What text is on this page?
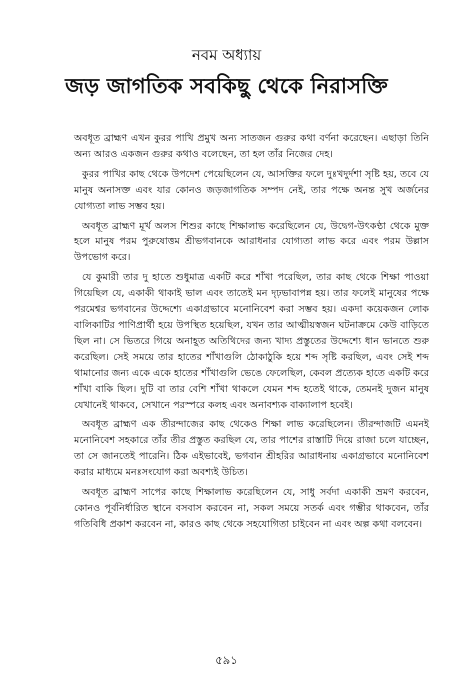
নবম অধ্যায়
জড় জাগতিক সবকিছু থেকে নিরাসক্তি

অবধূত ব্রাহ্মণ এখন কুরর পাখি প্রমুখ অন্য সাতজন গুরুর কথা বর্ণনা করেছেন। এছাড়া তিনি অন্য আরও একজন গুরুর কথাও বলেছেন, তা হল তাঁর নিজের দেহ।

কুরর পাখির কাছ থেকে উপদেশ পেয়েছিলেন যে, আসক্তির ফলে দুঃখদুর্দশা সৃষ্টি হয়, তবে যে মানুষ অনাসক্ত এবং যার কোনও জড়জাগতিক সম্পদ নেই, তার পক্ষে অনন্ত সুখ অর্জনের যোগ্যতা লাভ সম্ভব হয়।

অবধূত ব্রাহ্মণ মূর্খ অলস শিশুর কাছে শিক্ষালাভ করেছিলেন যে, উদ্বেগ-উৎকণ্ঠা থেকে মুক্ত হলে মানুষ পরম পুরুষোত্তম শ্রীভগবানকে আরাধনার যোগ্যতা লাভ করে এবং পরম উল্লাস উপভোগ করে।

যে কুমারী তার দু হাতে শুধুমাত্র একটি করে শাঁখা পরেছিল, তার কাছ থেকে শিক্ষা পাওয়া গিয়েছিল যে, একাকী থাকাই ভাল এবং তাতেই মন দৃঢ়ভাবাপন্ন হয়। তার ফলেই মানুষের পক্ষে পরমেশ্বর ভগবানের উদ্দেশ্যে একাগ্রভাবে মনোনিবেশ করা সম্ভব হয়। একদা কয়েকজন লোক বালিকাটির পাণিপ্রার্থী হয়ে উপস্থিত হয়েছিল, যখন তার আত্মীয়স্বজন ঘটনাক্রমে কেউ বাড়িতে ছিল না। সে ভিতরে গিয়ে অনাহূত অতিথিদের জন্য খাদ্য প্রস্তুতের উদ্দেশ্যে ধান ভানতে শুরু করেছিল। সেই সময়ে তার হাতের শাঁখাগুলি ঠোকাঠুকি হয়ে শব্দ সৃষ্টি করছিল, এবং সেই শব্দ থামানোর জন্য একে একে হাতের শাঁখাগুলি ভেঙে ফেলেছিল, কেবল প্রত্যেক হাতে একটি করে শাঁখা বাকি ছিল। দুটি বা তার বেশি শাঁখা থাকলে যেমন শব্দ হতেই থাকে, তেমনই দুজন মানুষ যেখানেই থাকবে, সেখানে পরস্পরে কলহ এবং অনাবশ্যক বাক্যালাপ হবেই।

অবধূত ব্রাহ্মণ এক তীরন্দাজের কাছ থেকেও শিক্ষা লাভ করেছিলেন। তীরন্দাজটি এমনই মনোনিবেশ সহকারে তাঁর তীর প্রস্তুত করছিল যে, তার পাশের রাস্তাটি দিয়ে রাজা চলে যাচ্ছেন, তা সে জানতেই পারেনি। ঠিক এইভাবেই, ভগবান শ্রীহরির আরাধনায় একাগ্রভাবে মনোনিবেশ করার মাধ্যমে মনঃসংযোগ করা অবশ্যই উচিত।

অবধূত ব্রাহ্মণ সাপের কাছে শিক্ষালাভ করেছিলেন যে, সাধু সর্বদা একাকী ভ্রমণ করবেন, কোনও পূর্বনির্ধারিত স্থানে বসবাস করবেন না, সকল সময়ে সতর্ক এবং গম্ভীর থাকবেন, তাঁর গতিবিধি প্রকাশ করবেন না, কারও কাছ থেকে সহযোগিতা চাইবেন না এবং অল্প কথা বলবেন।

৫৯১
